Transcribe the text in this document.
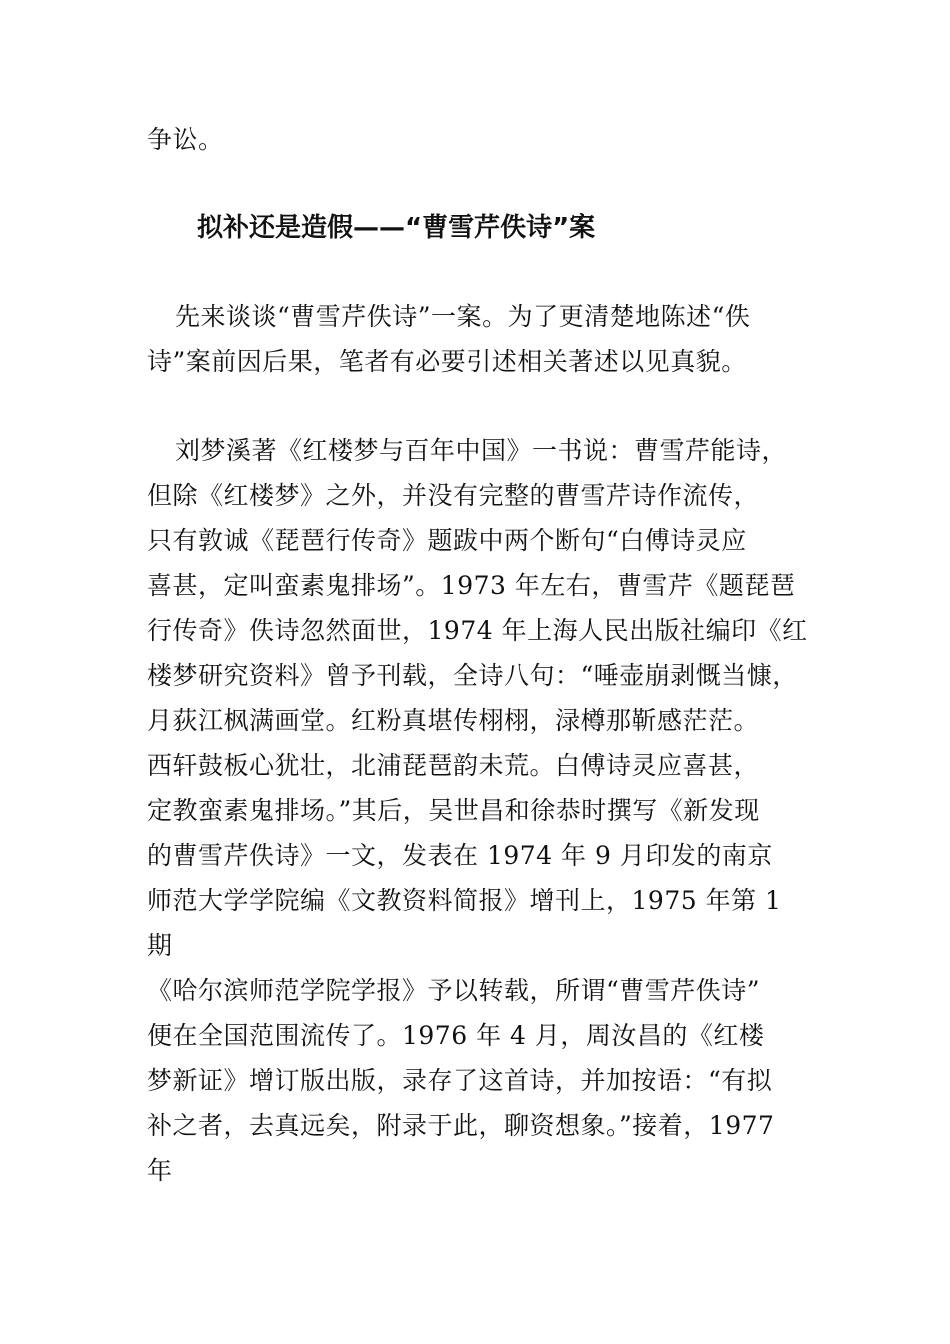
争讼。
拟补还是造假——“曹雪芹佚诗”案
先来谈谈“曹雪芹佚诗”一案。为了更清楚地陈述“佚
诗”案前因后果，笔者有必要引述相关著述以见真貌。
刘梦溪著《红楼梦与百年中国》一书说：曹雪芹能诗，
但除《红楼梦》之外，并没有完整的曹雪芹诗作流传，
只有敦诚《琵琶行传奇》题跋中两个断句“白傅诗灵应
喜甚，定叫蛮素鬼排场”。1973 年左右，曹雪芹《题琵琶
行传奇》佚诗忽然面世，1974 年上海人民出版社编印《红
楼梦研究资料》曾予刊载，全诗八句：“唾壶崩剥慨当慷，
月荻江枫满画堂。红粉真堪传栩栩，渌樽那靳感茫茫。
西轩鼓板心犹壮，北浦琵琶韵未荒。白傅诗灵应喜甚，
定教蛮素鬼排场。”其后，吴世昌和徐恭时撰写《新发现
的曹雪芹佚诗》一文，发表在 1974 年 9 月印发的南京
师范大学学院编《文教资料简报》增刊上，1975 年第 1
期
《哈尔滨师范学院学报》予以转载，所谓“曹雪芹佚诗”
便在全国范围流传了。1976 年 4 月，周汝昌的《红楼
梦新证》增订版出版，录存了这首诗，并加按语：“有拟
补之者，去真远矣，附录于此，聊资想象。”接着，1977
年
